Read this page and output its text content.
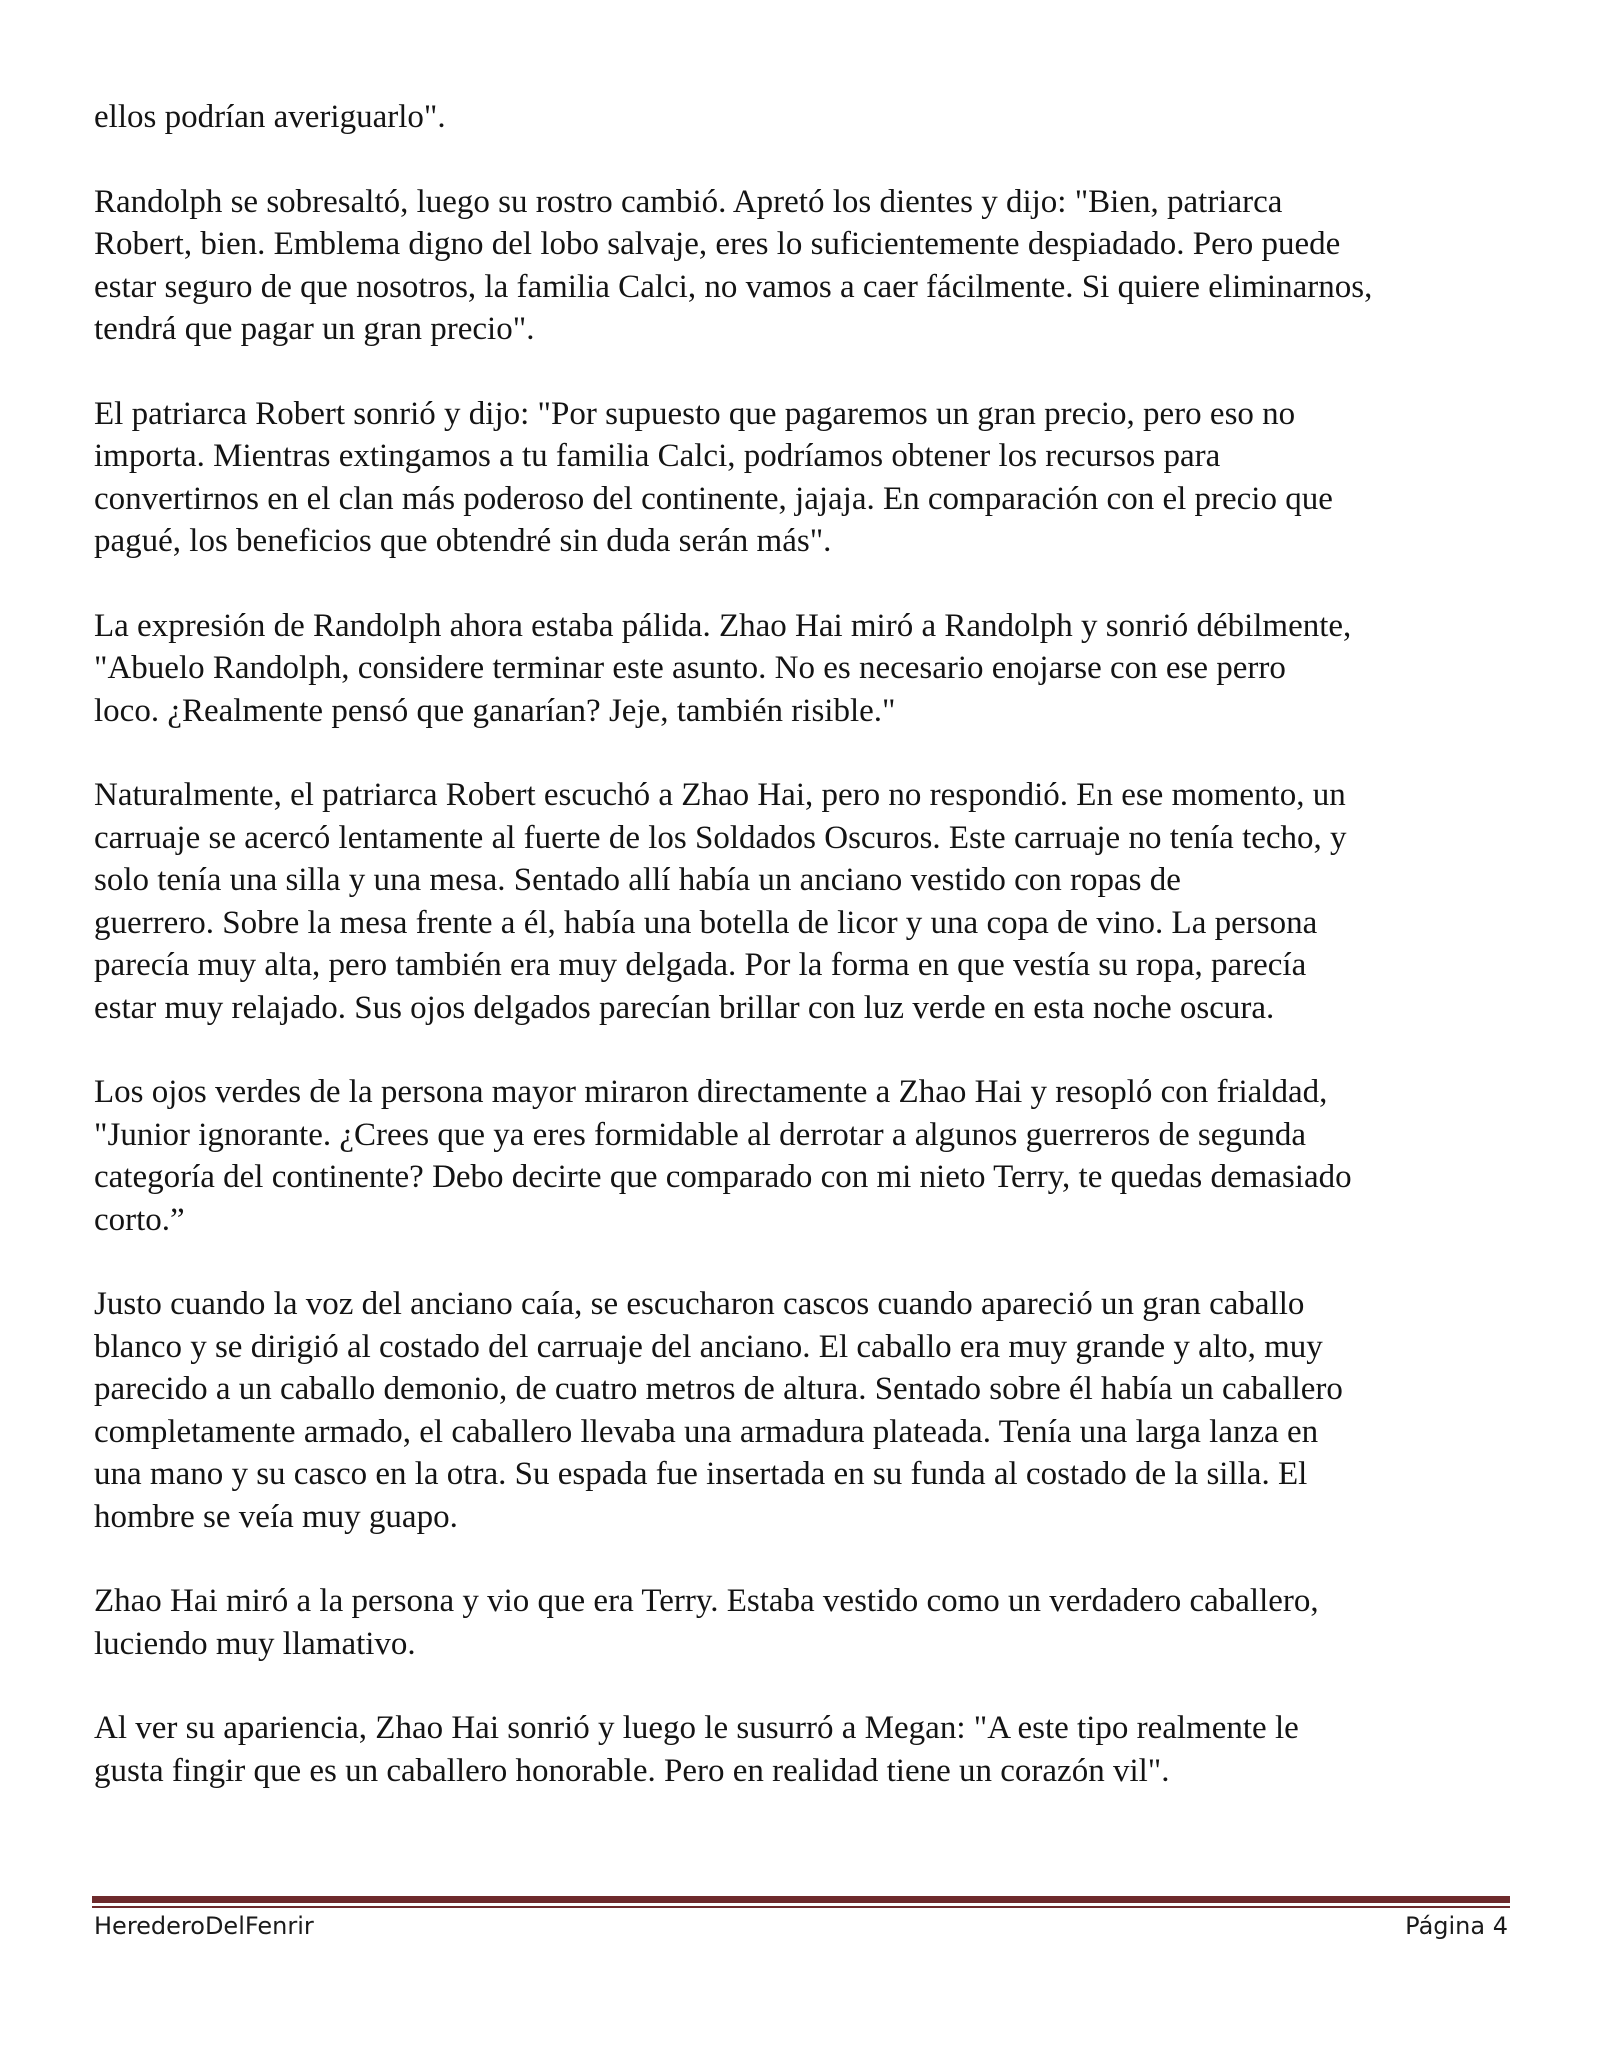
ellos podrían averiguarlo".

Randolph se sobresaltó, luego su rostro cambió. Apretó los dientes y dijo: "Bien, patriarca
Robert, bien. Emblema digno del lobo salvaje, eres lo suficientemente despiadado. Pero puede
estar seguro de que nosotros, la familia Calci, no vamos a caer fácilmente. Si quiere eliminarnos,
tendrá que pagar un gran precio".

El patriarca Robert sonrió y dijo: "Por supuesto que pagaremos un gran precio, pero eso no
importa. Mientras extingamos a tu familia Calci, podríamos obtener los recursos para
convertirnos en el clan más poderoso del continente, jajaja. En comparación con el precio que
pagué, los beneficios que obtendré sin duda serán más".

La expresión de Randolph ahora estaba pálida. Zhao Hai miró a Randolph y sonrió débilmente,
"Abuelo Randolph, considere terminar este asunto. No es necesario enojarse con ese perro
loco. ¿Realmente pensó que ganarían? Jeje, también risible."

Naturalmente, el patriarca Robert escuchó a Zhao Hai, pero no respondió. En ese momento, un
carruaje se acercó lentamente al fuerte de los Soldados Oscuros. Este carruaje no tenía techo, y
solo tenía una silla y una mesa. Sentado allí había un anciano vestido con ropas de
guerrero. Sobre la mesa frente a él, había una botella de licor y una copa de vino. La persona
parecía muy alta, pero también era muy delgada. Por la forma en que vestía su ropa, parecía
estar muy relajado. Sus ojos delgados parecían brillar con luz verde en esta noche oscura.

Los ojos verdes de la persona mayor miraron directamente a Zhao Hai y resopló con frialdad,
"Junior ignorante. ¿Crees que ya eres formidable al derrotar a algunos guerreros de segunda
categoría del continente? Debo decirte que comparado con mi nieto Terry, te quedas demasiado
corto.”

Justo cuando la voz del anciano caía, se escucharon cascos cuando apareció un gran caballo
blanco y se dirigió al costado del carruaje del anciano. El caballo era muy grande y alto, muy
parecido a un caballo demonio, de cuatro metros de altura. Sentado sobre él había un caballero
completamente armado, el caballero llevaba una armadura plateada. Tenía una larga lanza en
una mano y su casco en la otra. Su espada fue insertada en su funda al costado de la silla. El
hombre se veía muy guapo.

Zhao Hai miró a la persona y vio que era Terry. Estaba vestido como un verdadero caballero,
luciendo muy llamativo.

Al ver su apariencia, Zhao Hai sonrió y luego le susurró a Megan: "A este tipo realmente le
gusta fingir que es un caballero honorable. Pero en realidad tiene un corazón vil".

HerederoDelFenrir	Página 4
